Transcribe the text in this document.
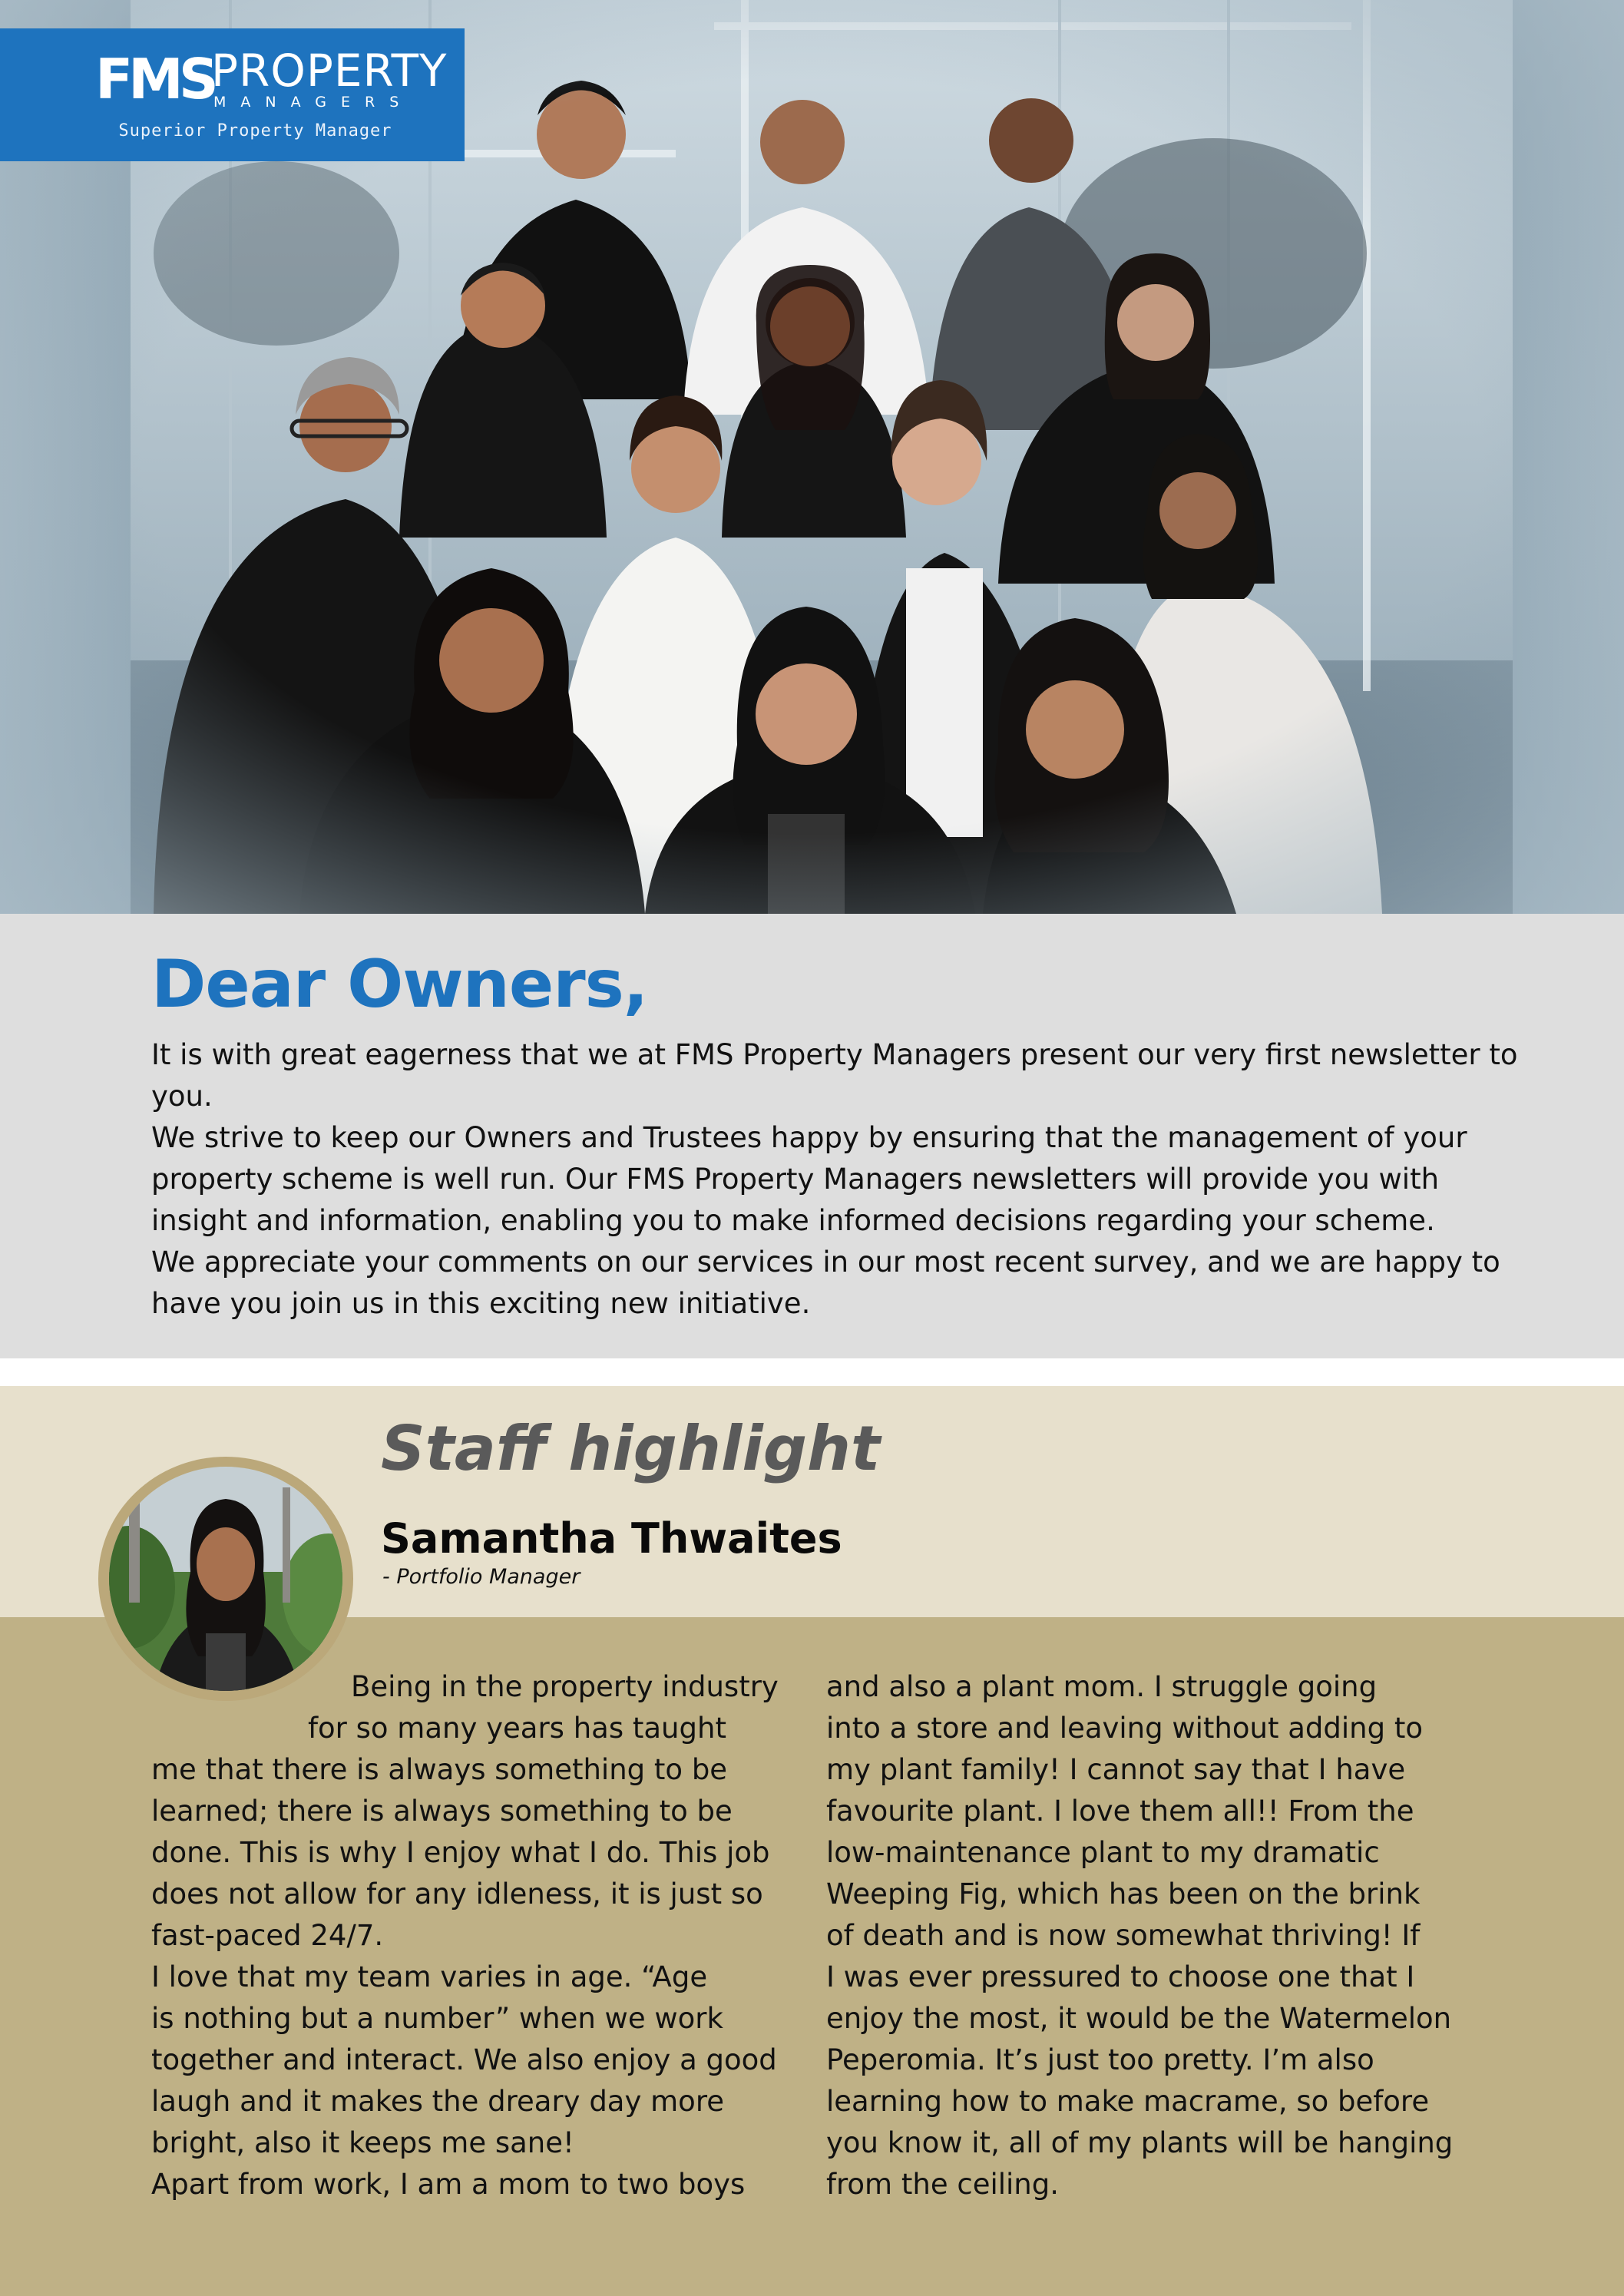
FMS
PROPERTY
MANAGERS
Superior Property Manager
Dear Owners,

It is with great eagerness that we at FMS Property Managers present our very first newsletter to you.

We strive to keep our Owners and Trustees happy by ensuring that the management of your property scheme is well run. Our FMS Property Managers newsletters will provide you with insight and information, enabling you to make informed decisions regarding your scheme.

We appreciate your comments on our services in our most recent survey, and we are happy to have you join us in this exciting new initiative.

Staff highlight
Samantha Thwaites
- Portfolio Manager
Being in the property industry
for so many years has taught
me that there is always something to be
learned; there is always something to be
done. This is why I enjoy what I do. This job
does not allow for any idleness, it is just so
fast-paced 24/7.
I love that my team varies in age. “Age
is nothing but a number” when we work
together and interact. We also enjoy a good
laugh and it makes the dreary day more
bright, also it keeps me sane!
Apart from work, I am a mom to two boys
and also a plant mom. I struggle going
into a store and leaving without adding to
my plant family! I cannot say that I have
favourite plant. I love them all!! From the
low-maintenance plant to my dramatic
Weeping Fig, which has been on the brink
of death and is now somewhat thriving! If
I was ever pressured to choose one that I
enjoy the most, it would be the Watermelon
Peperomia. It’s just too pretty. I’m also
learning how to make macrame, so before
you know it, all of my plants will be hanging
from the ceiling.
